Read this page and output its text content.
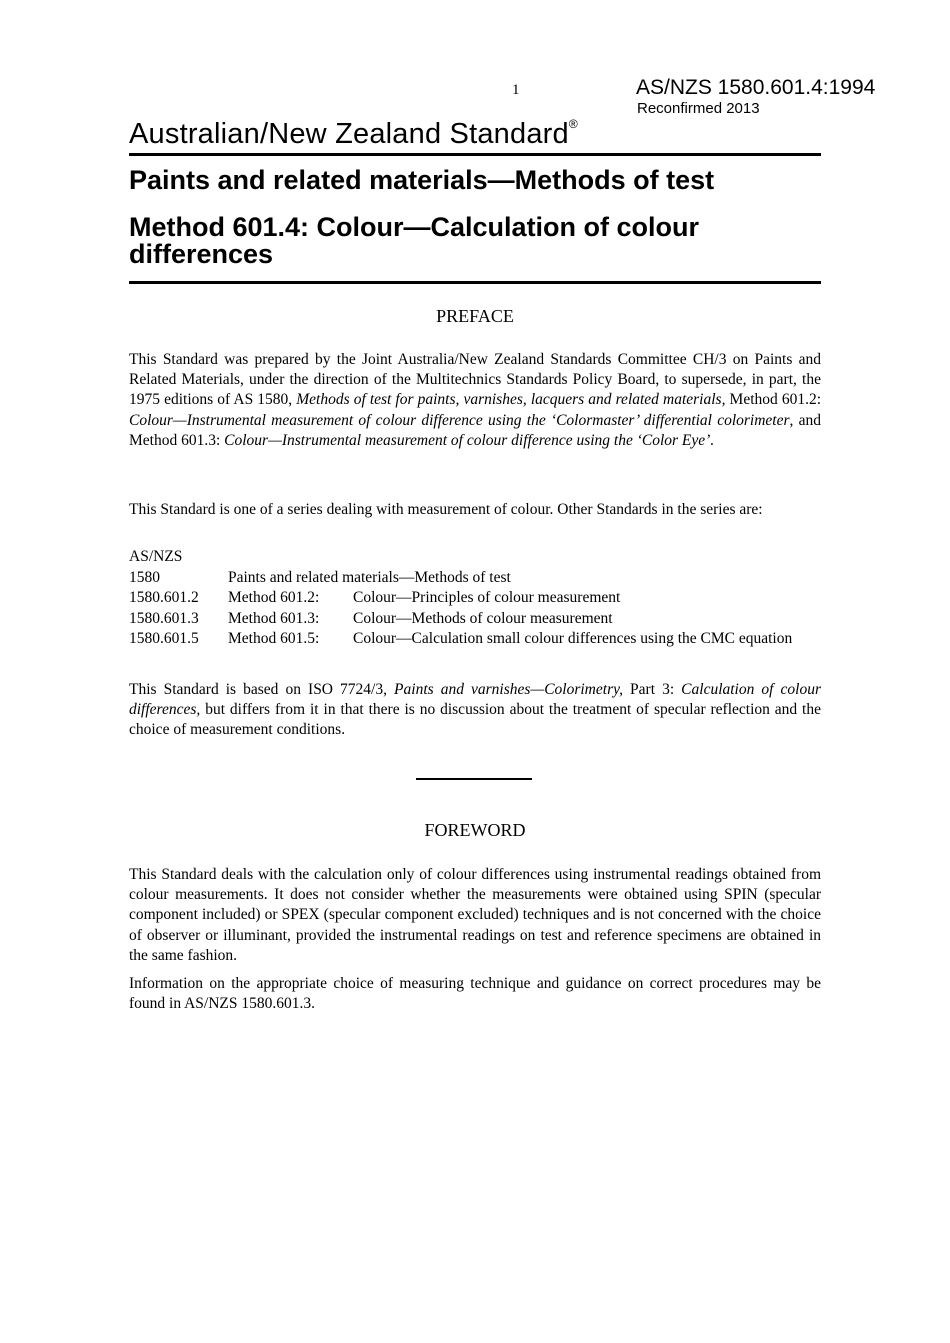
1	AS/NZS 1580.601.4:1994
Reconfirmed 2013
Australian/New Zealand Standard®
Paints and related materials—Methods of test
Method 601.4: Colour—Calculation of colour differences
PREFACE
This Standard was prepared by the Joint Australia/New Zealand Standards Committee CH/3 on Paints and Related Materials, under the direction of the Multitechnics Standards Policy Board, to supersede, in part, the 1975 editions of AS 1580, Methods of test for paints, varnishes, lacquers and related materials, Method 601.2: Colour—Instrumental measurement of colour difference using the ‘Colormaster’ differential colorimeter, and Method 601.3: Colour—Instrumental measurement of colour difference using the ‘Color Eye’.
This Standard is one of a series dealing with measurement of colour. Other Standards in the series are:
AS/NZS
1580	Paints and related materials—Methods of test
1580.601.2 Method 601.2: Colour—Principles of colour measurement
1580.601.3 Method 601.3: Colour—Methods of colour measurement
1580.601.5 Method 601.5: Colour—Calculation small colour differences using the CMC equation
This Standard is based on ISO 7724/3, Paints and varnishes—Colorimetry, Part 3: Calculation of colour differences, but differs from it in that there is no discussion about the treatment of specular reflection and the choice of measurement conditions.
FOREWORD
This Standard deals with the calculation only of colour differences using instrumental readings obtained from colour measurements. It does not consider whether the measurements were obtained using SPIN (specular component included) or SPEX (specular component excluded) techniques and is not concerned with the choice of observer or illuminant, provided the instrumental readings on test and reference specimens are obtained in the same fashion.
Information on the appropriate choice of measuring technique and guidance on correct procedures may be found in AS/NZS 1580.601.3.
